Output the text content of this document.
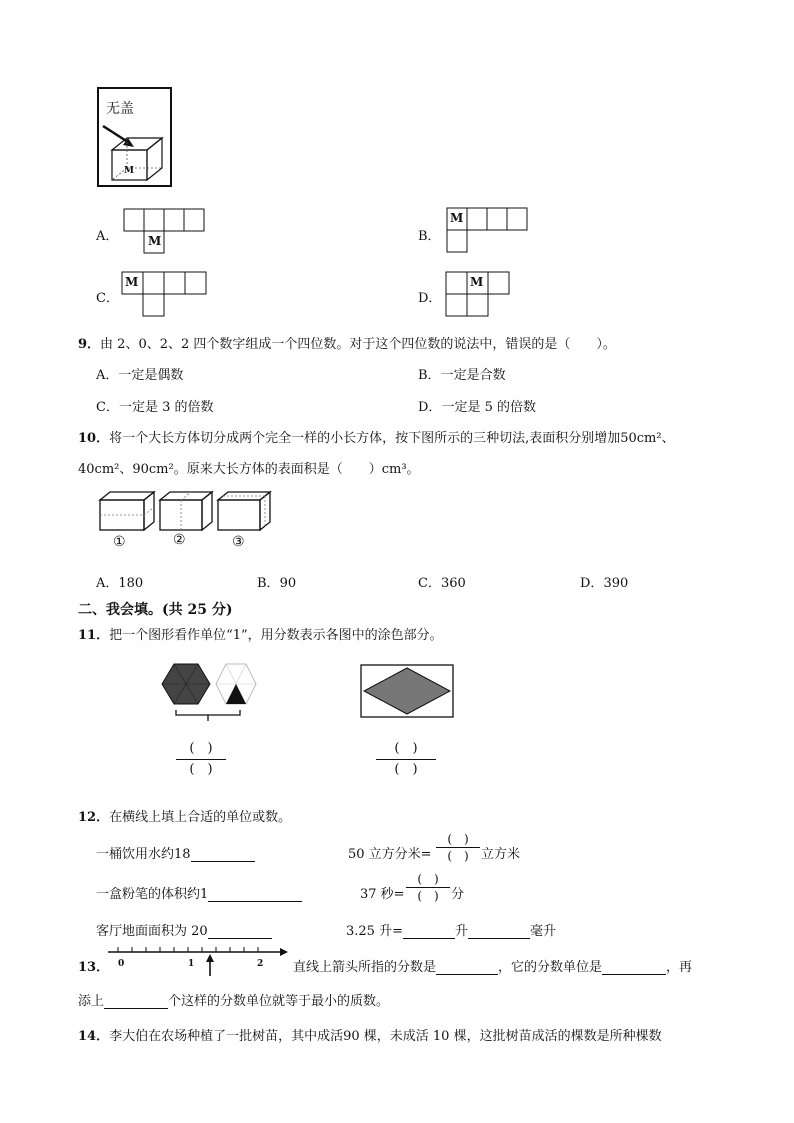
无盖
M
A． M	B．
M
C．
M
D．
M
9．由 2、0、2、2 四个数字组成一个四位数。对于这个四位数的说法中，错误的是（　　）。
A．一定是偶数	B．一定是合数
C．一定是 3 的倍数	D．一定是 5 的倍数
10．将一个大长方体切分成两个完全一样的小长方体，按下图所示的三种切法,表面积分别增加50cm²、
40cm²、90cm²。原来大长方体的表面积是（　　）cm³。
①	②	③
A．180	B．90	C．360	D．390
二、我会填。(共 25 分)
11．把一个图形看作单位“1”，用分数表示各图中的涂色部分。
(　)
(　)
(　)
(　)
12．在横线上填上合适的单位或数。
一桶饮用水约18	50 立方分米=
(　)
(　) 立方米
一盒粉笔的体积约1	37 秒=
(　)
(　) 分
客厅地面面积为 20	3.25 升=	升	毫升
13． 0	1	2 直线上箭头所指的分数是	，它的分数单位是	，再
添上	个这样的分数单位就等于最小的质数。
14．李大伯在农场种植了一批树苗，其中成活90 棵，未成活 10 棵，这批树苗成活的棵数是所种棵数
